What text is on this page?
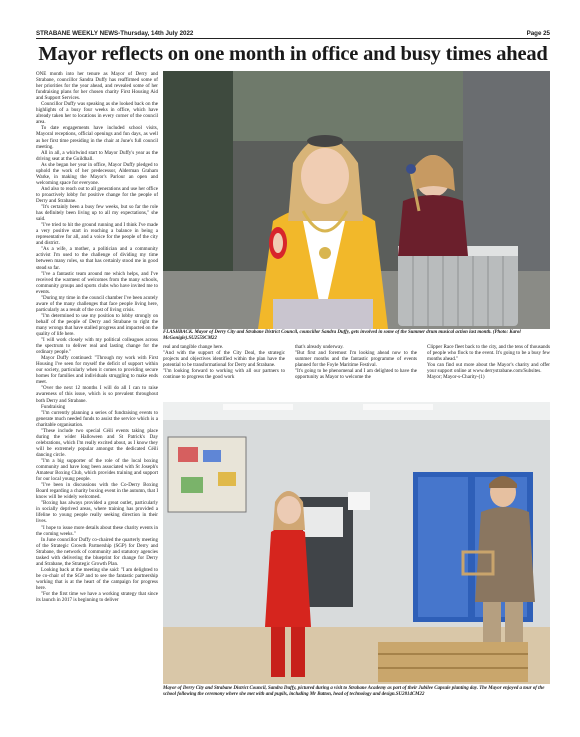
STRABANE WEEKLY NEWS-Thursday, 14th July 2022	Page 25
Mayor reflects on one month in office and busy times ahead

ONE month into her tenure as Mayor of Derry and Strabane, councillor Sandra Duffy has reaffirmed some of her priorities for the year ahead, and revealed some of her fundraising plans for her chosen charity First Housing Aid and Support Services.

Councillor Duffy was speaking as she looked back on the highlights of a busy four weeks in office, which have already taken her to locations in every corner of the council area.

To date engagements have included school visits, Mayoral receptions, official openings and fun days, as well as her first time presiding in the chair at June's full council meeting.

All in all, a whirlwind start to Mayor Duffy's year as the driving seat at the Guildhall.

As she began her year in office, Mayor Duffy pledged to uphold the work of her predecessor, Alderman Graham Warke, in making the Mayor's Parlour an open and welcoming space for everyone.

And also to reach out to all generations and use her office to proactively lobby for positive change for the people of Derry and Strabane.

"It's certainly been a busy few weeks, but so far the role has definitely been living up to all my expectations," she said.

"I've tried to hit the ground running and I think I've made a very positive start in reaching a balance in being a representative for all, and a voice for the people of the city and district.

"As a wife, a mother, a politician and a community activist I'm used to the challenge of dividing my time between many roles, so that has certainly stood me in good stead so far.

"I've a fantastic team around me which helps, and I've received the warmest of welcomes from the many schools, community groups and sports clubs who have invited me to events.

"During my time in the council chamber I've been acutely aware of the many challenges that face people living here, particularly as a result of the cost of living crisis.

"I'm determined to use my position to lobby strongly on behalf of the people of Derry and Strabane to right the many wrongs that have stalled progress and impacted on the quality of life here.

"I will work closely with my political colleagues across the spectrum to deliver real and lasting change for the ordinary people."

Mayor Duffy continued: "Through my work with First Housing I've seen for myself the deficit of support within our society, particularly when it comes to providing secure homes for families and individuals struggling to make ends meet.

"Over the next 12 months I will do all I can to raise awareness of this issue, which is so prevalent throughout both Derry and Strabane.

Fundraising

"I'm currently planning a series of fundraising events to generate much needed funds to assist the service which is a charitable organisation.

"These include two special Céili events taking place during the wider Halloween and St Patrick's Day celebrations, which I'm really excited about, as I know they will be extremely popular amongst the dedicated Céili dancing circle.

"I'm a big supporter of the role of the local boxing community and have long been associated with St Joseph's Amateur Boxing Club, which provides training and support for our local young people.

"I've been in discussions with the Co-Derry Boxing Board regarding a charity boxing event in the autumn, that I know will be widely welcomed.

"Boxing has always provided a great outlet, particularly in socially deprived areas, where training has provided a lifeline to young people really seeking direction in their lives.

"I hope to issue more details about these charity events in the coming weeks."

In June councillor Duffy co-chaired the quarterly meeting of the Strategic Growth Partnership (SGP) for Derry and Strabane, the network of community and statutory agencies tasked with delivering the blueprint for change for Derry and Strabane, the Strategic Growth Plan.

Looking back at the meeting she said: "I am delighted to be co-chair of the SGP and to see the fantastic partnership working that is at the heart of the campaign for progress here.

"For the first time we have a working strategy that since its launch in 2017 is beginning to deliver

FLASHBACK. Mayor of Derry City and Strabane District Council, councillor Sandra Duffy, gets involved in some of the Summer drum musical action last month. (Photo: Karol McGonigle).SU2559CM22

real and tangible change here.
"And with the support of the City Deal, the strategic projects and objectives identified within the plan have the potential to be transformational for Derry and Strabane.
"I'm looking forward to working with all our partners to continue to progress the good work

that's already underway.
"But first and foremost I'm looking ahead now to the summer months and the fantastic programme of events planned for the Foyle Maritime Festival.
"It's going to be phenomenal and I am delighted to have the opportunity as Mayor to welcome the

Clipper Race fleet back to the city, and the tens of thousands of people who flock to the event. It's going to be a busy few months ahead."
You can find out more about the Mayor's charity and offer your support online at www.derrystrabane.com/Subsites.
Mayor; Mayor-s-Charity-(1)

Mayor of Derry City and Strabane District Council, Sandra Duffy, pictured during a visit to Strabane Academy as part of their Jubilee Capsule planting day. The Mayor enjoyed a tour of the school following the ceremony where she met with and pupils, including Mr Batton, head of technology and design.SU2814CM22
